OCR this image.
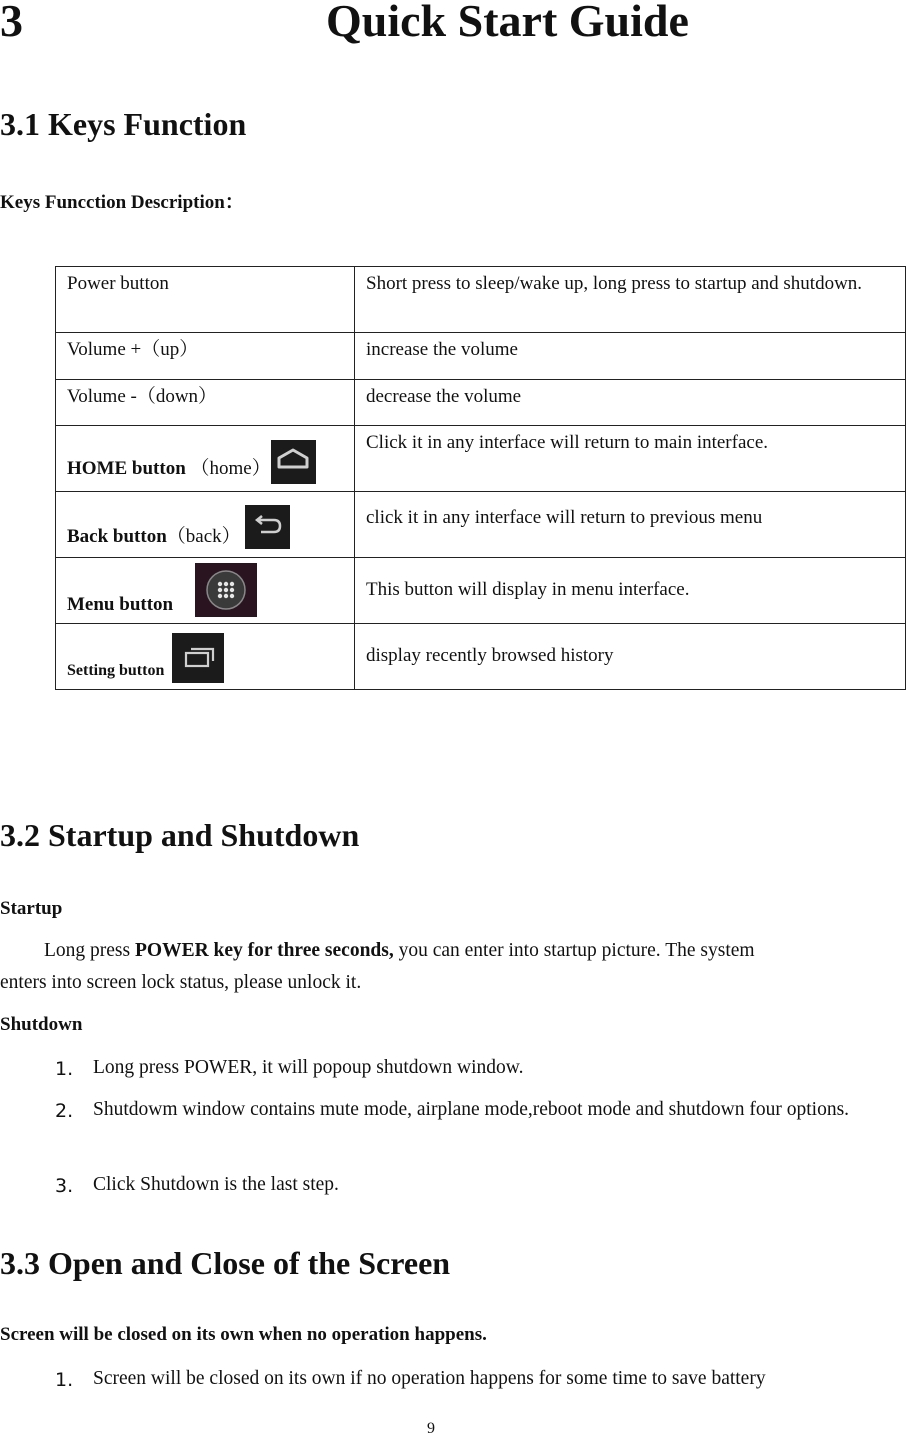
3	Quick Start Guide
3.1 Keys Function
Keys Funcction Description：
Power button	Short press to sleep/wake up, long press to startup and shutdown.
Volume +（up）	increase the volume
Volume -（down）	decrease the volume
HOME button （home）	Click it in any interface will return to main interface.
Back button（back）	click it in any interface will return to previous menu
Menu button	This button will display in menu interface.
Setting button	display recently browsed history
3.2 Startup and Shutdown
Startup
Long press POWER key for three seconds, you can enter into startup picture. The system
enters into screen lock status, please unlock it.
Shutdown
1. Long press POWER, it will popoup shutdown window.
2. Shutdowm window contains mute mode, airplane mode,reboot mode and shutdown four options.
3. Click Shutdown is the last step.
3.3 Open and Close of the Screen
Screen will be closed on its own when no operation happens.
1. Screen will be closed on its own if no operation happens for some time to save battery
9
